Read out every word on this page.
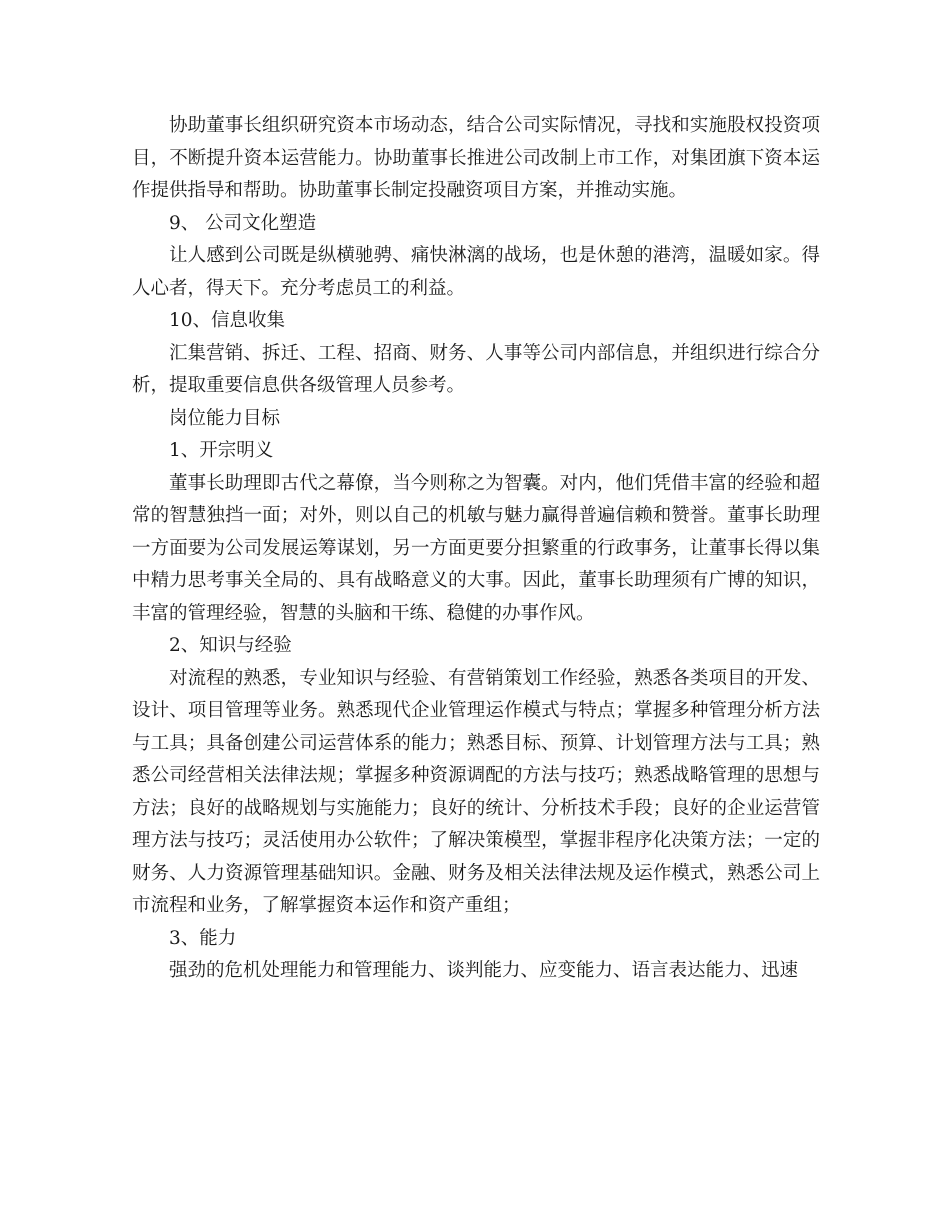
协助董事长组织研究资本市场动态，结合公司实际情况，寻找和实施股权投资项目，不断提升资本运营能力。协助董事长推进公司改制上市工作，对集团旗下资本运作提供指导和帮助。协助董事长制定投融资项目方案，并推动实施。

9、 公司文化塑造

让人感到公司既是纵横驰骋、痛快淋漓的战场，也是休憩的港湾，温暖如家。得人心者，得天下。充分考虑员工的利益。

10、信息收集

汇集营销、拆迁、工程、招商、财务、人事等公司内部信息，并组织进行综合分析，提取重要信息供各级管理人员参考。

岗位能力目标

1、开宗明义

董事长助理即古代之幕僚，当今则称之为智囊。对内，他们凭借丰富的经验和超常的智慧独挡一面；对外，则以自己的机敏与魅力赢得普遍信赖和赞誉。董事长助理一方面要为公司发展运筹谋划，另一方面更要分担繁重的行政事务，让董事长得以集中精力思考事关全局的、具有战略意义的大事。因此，董事长助理须有广博的知识，丰富的管理经验，智慧的头脑和干练、稳健的办事作风。

2、知识与经验

对流程的熟悉，专业知识与经验、有营销策划工作经验，熟悉各类项目的开发、设计、项目管理等业务。熟悉现代企业管理运作模式与特点；掌握多种管理分析方法与工具；具备创建公司运营体系的能力；熟悉目标、预算、计划管理方法与工具；熟悉公司经营相关法律法规；掌握多种资源调配的方法与技巧；熟悉战略管理的思想与方法；良好的战略规划与实施能力；良好的统计、分析技术手段；良好的企业运营管理方法与技巧；灵活使用办公软件；了解决策模型，掌握非程序化决策方法；一定的财务、人力资源管理基础知识。金融、财务及相关法律法规及运作模式，熟悉公司上市流程和业务，了解掌握资本运作和资产重组；

3、能力

强劲的危机处理能力和管理能力、谈判能力、应变能力、语言表达能力、迅速
